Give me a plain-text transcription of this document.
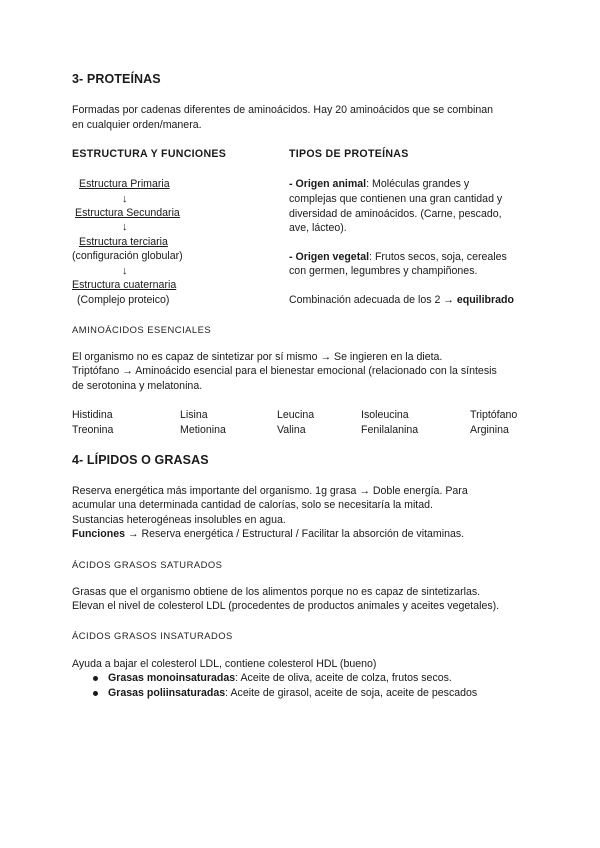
3- PROTEÍNAS
Formadas por cadenas diferentes de aminoácidos. Hay 20 aminoácidos que se combinan
en cualquier orden/manera.
ESTRUCTURA Y FUNCIONES	TIPOS DE PROTEÍNAS
Estructura Primaria
↓
Estructura Secundaria
↓
Estructura terciaria
(configuración globular)
↓
Estructura cuaternaria
(Complejo proteico)
- Origen animal: Moléculas grandes y
complejas que contienen una gran cantidad y
diversidad de aminoácidos. (Carne, pescado,
ave, lácteo).
- Origen vegetal: Frutos secos, soja, cereales
con germen, legumbres y champiñones.
Combinación adecuada de los 2 → equilibrado
AMINOÁCIDOS ESENCIALES
El organismo no es capaz de sintetizar por sí mismo → Se ingieren en la dieta.
Triptófano → Aminoácido esencial para el bienestar emocional (relacionado con la síntesis
de serotonina y melatonina.
Histidina	Lisina	Leucina	Isoleucina	Triptófano
Treonina	Metionina	Valina	Fenilalanina	Arginina
4- LÍPIDOS O GRASAS
Reserva energética más importante del organismo. 1g grasa → Doble energía. Para
acumular una determinada cantidad de calorías, solo se necesitaría la mitad.
Sustancias heterogéneas insolubles en agua.
Funciones → Reserva energética / Estructural / Facilitar la absorción de vitaminas.
ÁCIDOS GRASOS SATURADOS
Grasas que el organismo obtiene de los alimentos porque no es capaz de sintetizarlas.
Elevan el nivel de colesterol LDL (procedentes de productos animales y aceites vegetales).
ÁCIDOS GRASOS INSATURADOS
Ayuda a bajar el colesterol LDL, contiene colesterol HDL (bueno)
Grasas monoinsaturadas: Aceite de oliva, aceite de colza, frutos secos.
Grasas poliinsaturadas: Aceite de girasol, aceite de soja, aceite de pescados
